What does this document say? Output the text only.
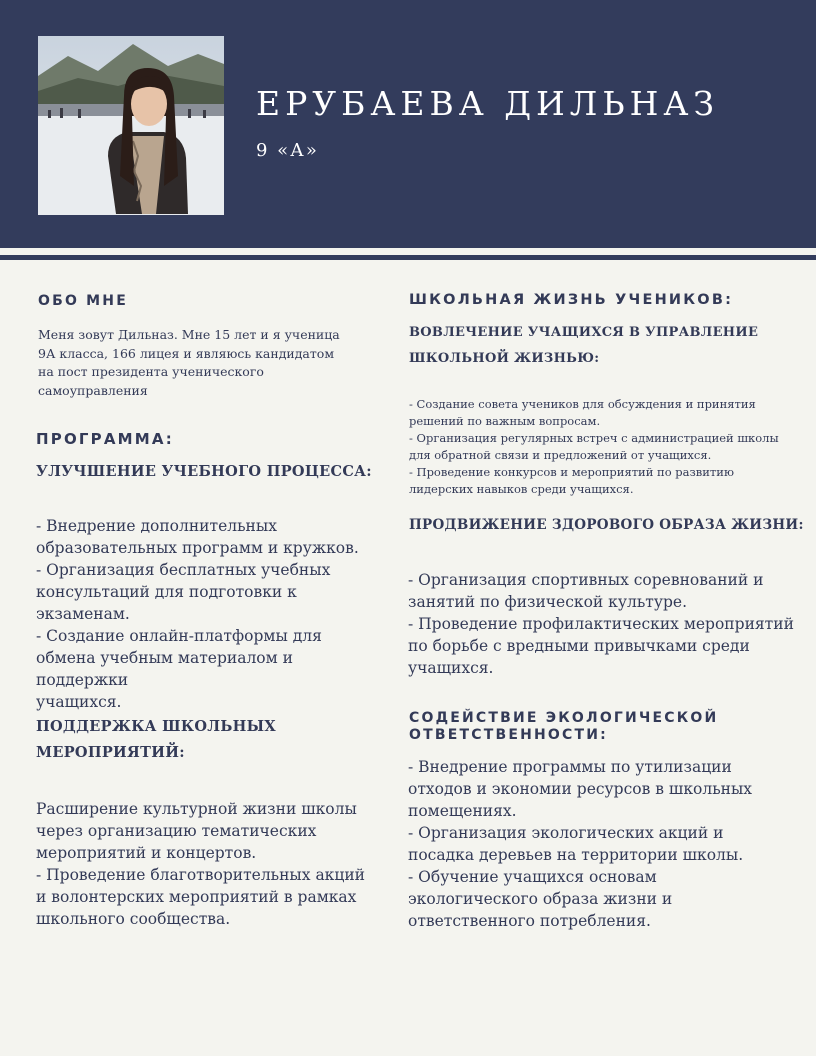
ЕРУБАЕВА ДИЛЬНАЗ
9 «А»
ОБО МНЕ

Меня зовут Дильназ. Мне 15 лет и я ученица
9А класса, 166 лицея и являюсь кандидатом
на пост президента ученического
самоуправления

ПРОГРАММА:
УЛУЧШЕНИЕ УЧЕБНОГО ПРОЦЕССА:

- Внедрение дополнительных
образовательных программ и кружков.
- Организация бесплатных учебных
консультаций для подготовки к
экзаменам.
- Создание онлайн-платформы для
обмена учебным материалом и поддержки
учащихся.

ПОДДЕРЖКА ШКОЛЬНЫХ
МЕРОПРИЯТИЙ:

Расширение культурной жизни школы
через организацию тематических
мероприятий и концертов.
- Проведение благотворительных акций
и волонтерских мероприятий в рамках
школьного сообщества.

ШКОЛЬНАЯ ЖИЗНЬ УЧЕНИКОВ:
ВОВЛЕЧЕНИЕ УЧАЩИХСЯ В УПРАВЛЕНИЕ
ШКОЛЬНОЙ ЖИЗНЬЮ:

- Создание совета учеников для обсуждения и принятия
решений по важным вопросам.
- Организация регулярных встреч с администрацией школы
для обратной связи и предложений от учащихся.
- Проведение конкурсов и мероприятий по развитию
лидерских навыков среди учащихся.

ПРОДВИЖЕНИЕ ЗДОРОВОГО ОБРАЗА ЖИЗНИ:

- Организация спортивных соревнований и
занятий по физической культуре.
- Проведение профилактических мероприятий
по борьбе с вредными привычками среди
учащихся.

СОДЕЙСТВИЕ ЭКОЛОГИЧЕСКОЙ
ОТВЕТСТВЕННОСТИ:

- Внедрение программы по утилизации
отходов и экономии ресурсов в школьных
помещениях.
- Организация экологических акций и
посадка деревьев на территории школы.
- Обучение учащихся основам
экологического образа жизни и
ответственного потребления.
